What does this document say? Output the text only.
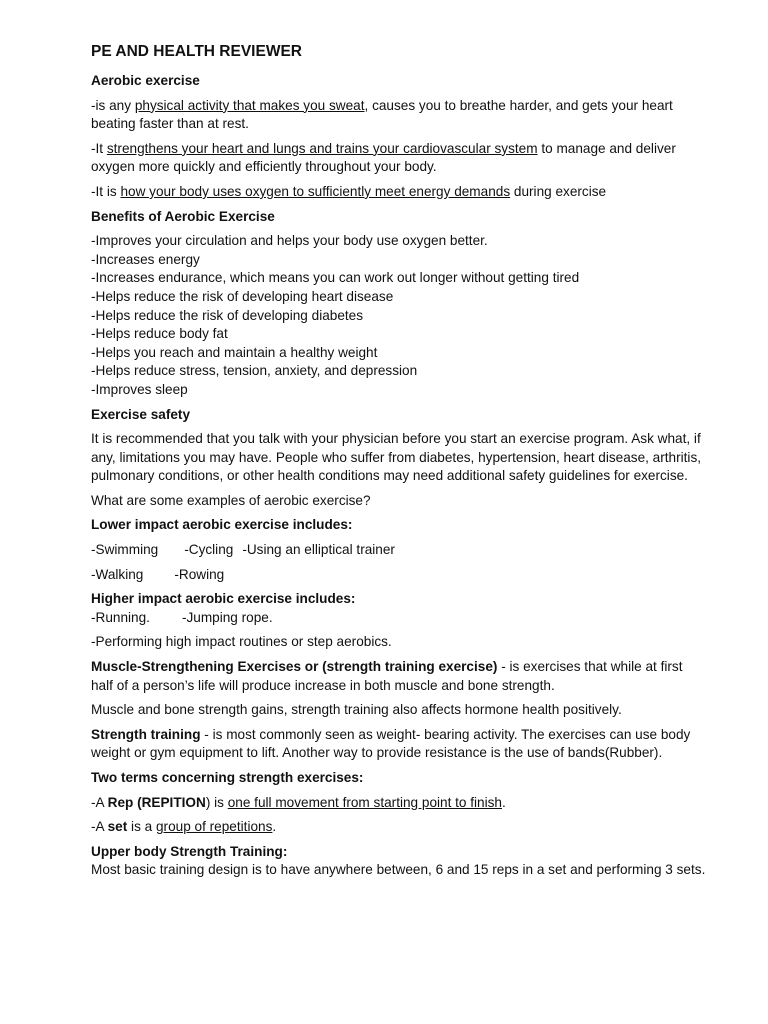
PE AND HEALTH REVIEWER
Aerobic exercise

-is any physical activity that makes you sweat, causes you to breathe harder, and gets your heart beating faster than at rest.

-It strengthens your heart and lungs and trains your cardiovascular system to manage and deliver oxygen more quickly and efficiently throughout your body.

-It is how your body uses oxygen to sufficiently meet energy demands during exercise

Benefits of Aerobic Exercise
-Improves your circulation and helps your body use oxygen better.
-Increases energy
-Increases endurance, which means you can work out longer without getting tired
-Helps reduce the risk of developing heart disease
-Helps reduce the risk of developing diabetes
-Helps reduce body fat
-Helps you reach and maintain a healthy weight
-Helps reduce stress, tension, anxiety, and depression
-Improves sleep
Exercise safety

It is recommended that you talk with your physician before you start an exercise program. Ask what, if any, limitations you may have. People who suffer from diabetes, hypertension, heart disease, arthritis, pulmonary conditions, or other health conditions may need additional safety guidelines for exercise.

What are some examples of aerobic exercise?

Lower impact aerobic exercise includes:

-Swimming -Cycling -Using an elliptical trainer

-Walking -Rowing

Higher impact aerobic exercise includes:

-Running. -Jumping rope.

-Performing high impact routines or step aerobics.

Muscle-Strengthening Exercises or (strength training exercise) - is exercises that while at first half of a person’s life will produce increase in both muscle and bone strength.

Muscle and bone strength gains, strength training also affects hormone health positively.

Strength training - is most commonly seen as weight- bearing activity. The exercises can use body weight or gym equipment to lift. Another way to provide resistance is the use of bands(Rubber).

Two terms concerning strength exercises:

-A Rep (REPITION) is one full movement from starting point to finish.

-A set is a group of repetitions.

Upper body Strength Training:

Most basic training design is to have anywhere between, 6 and 15 reps in a set and performing 3 sets.
